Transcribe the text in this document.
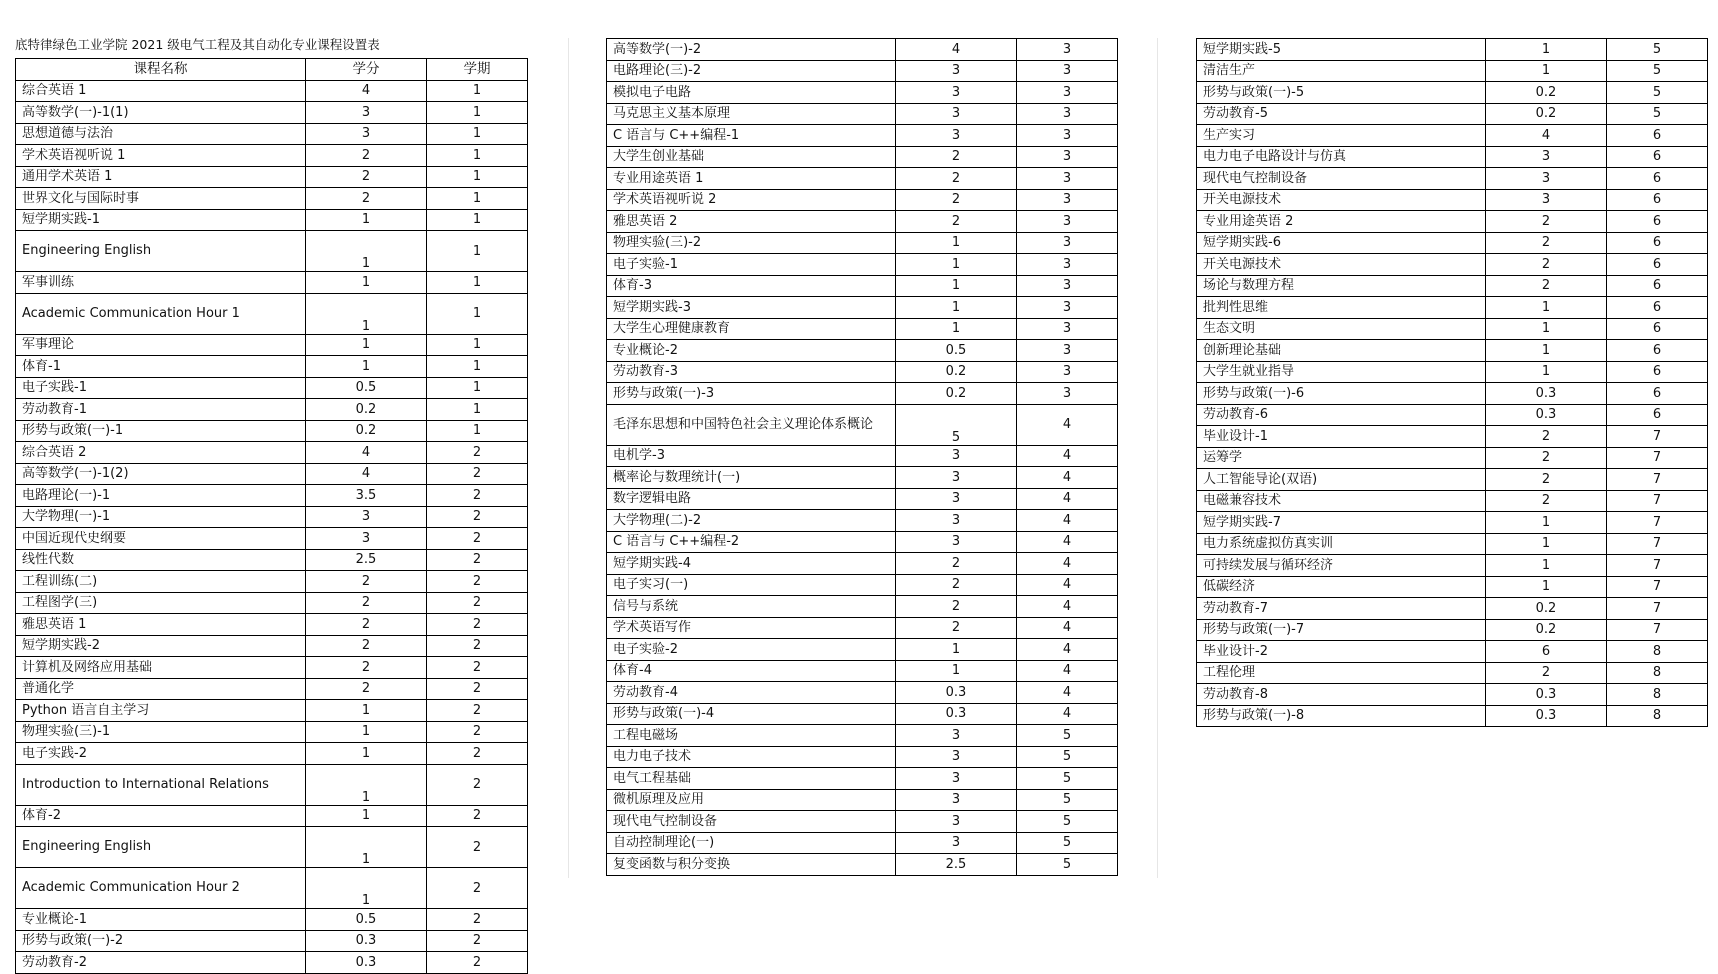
底特律绿色工业学院 2021 级电气工程及其自动化专业课程设置表
课程名称	学分	学期
综合英语 1	4	1
高等数学(一)-1(1)	3	1
思想道德与法治	3	1
学术英语视听说 1	2	1
通用学术英语 1	2	1
世界文化与国际时事	2	1
短学期实践-1	1	1
Engineering English	1	1
军事训练	1	1
Academic Communication Hour 1	1	1
军事理论	1	1
体育-1	1	1
电子实践-1	0.5	1
劳动教育-1	0.2	1
形势与政策(一)-1	0.2	1
综合英语 2	4	2
高等数学(一)-1(2)	4	2
电路理论(一)-1	3.5	2
大学物理(一)-1	3	2
中国近现代史纲要	3	2
线性代数	2.5	2
工程训练(二)	2	2
工程图学(三)	2	2
雅思英语 1	2	2
短学期实践-2	2	2
计算机及网络应用基础	2	2
普通化学	2	2
Python 语言自主学习	1	2
物理实验(三)-1	1	2
电子实践-2	1	2
Introduction to International Relations	1	2
体育-2	1	2
Engineering English	1	2
Academic Communication Hour 2	1	2
专业概论-1	0.5	2
形势与政策(一)-2	0.3	2
劳动教育-2	0.3	2
高等数学(一)-2	4	3
电路理论(三)-2	3	3
模拟电子电路	3	3
马克思主义基本原理	3	3
C 语言与 C++编程-1	3	3
大学生创业基础	2	3
专业用途英语 1	2	3
学术英语视听说 2	2	3
雅思英语 2	2	3
物理实验(三)-2	1	3
电子实验-1	1	3
体育-3	1	3
短学期实践-3	1	3
大学生心理健康教育	1	3
专业概论-2	0.5	3
劳动教育-3	0.2	3
形势与政策(一)-3	0.2	3
毛泽东思想和中国特色社会主义理论体系概论	5	4
电机学-3	3	4
概率论与数理统计(一)	3	4
数字逻辑电路	3	4
大学物理(二)-2	3	4
C 语言与 C++编程-2	3	4
短学期实践-4	2	4
电子实习(一)	2	4
信号与系统	2	4
学术英语写作	2	4
电子实验-2	1	4
体育-4	1	4
劳动教育-4	0.3	4
形势与政策(一)-4	0.3	4
工程电磁场	3	5
电力电子技术	3	5
电气工程基础	3	5
微机原理及应用	3	5
现代电气控制设备	3	5
自动控制理论(一)	3	5
复变函数与积分变换	2.5	5
短学期实践-5	1	5
清洁生产	1	5
形势与政策(一)-5	0.2	5
劳动教育-5	0.2	5
生产实习	4	6
电力电子电路设计与仿真	3	6
现代电气控制设备	3	6
开关电源技术	3	6
专业用途英语 2	2	6
短学期实践-6	2	6
开关电源技术	2	6
场论与数理方程	2	6
批判性思维	1	6
生态文明	1	6
创新理论基础	1	6
大学生就业指导	1	6
形势与政策(一)-6	0.3	6
劳动教育-6	0.3	6
毕业设计-1	2	7
运筹学	2	7
人工智能导论(双语)	2	7
电磁兼容技术	2	7
短学期实践-7	1	7
电力系统虚拟仿真实训	1	7
可持续发展与循环经济	1	7
低碳经济	1	7
劳动教育-7	0.2	7
形势与政策(一)-7	0.2	7
毕业设计-2	6	8
工程伦理	2	8
劳动教育-8	0.3	8
形势与政策(一)-8	0.3	8
